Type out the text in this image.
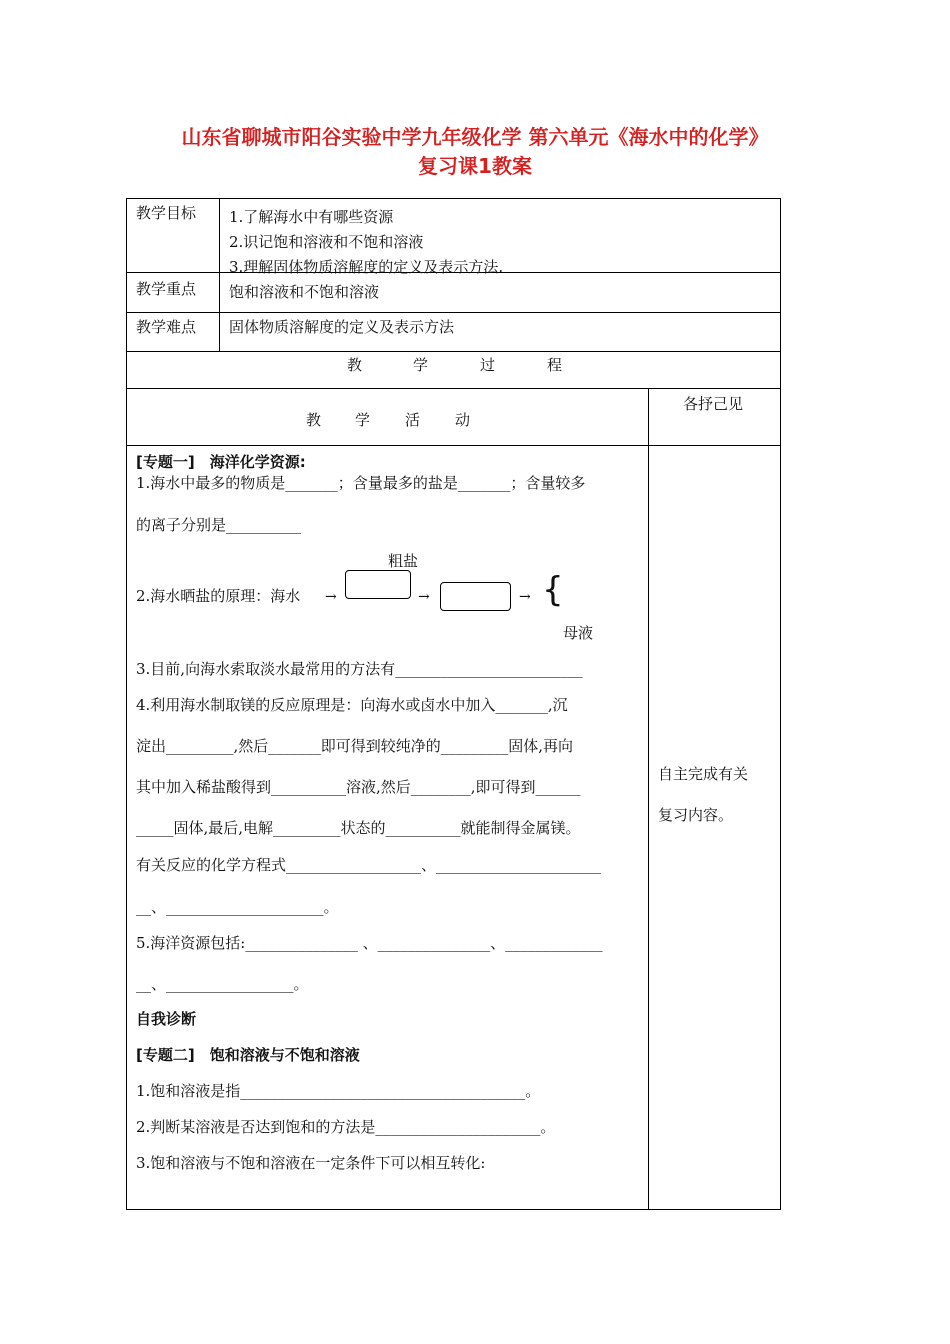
山东省聊城市阳谷实验中学九年级化学 第六单元《海水中的化学》
复习课1教案
教学目标 1.了解海水中有哪些资源
2.识记饱和溶液和不饱和溶液
3.理解固体物质溶解度的定义及表示方法.
教学重点 饱和溶液和不饱和溶液
教学难点 固体物质溶解度的定义及表示方法
教	学	过	程
教 学 活 动
各抒己见
自主完成有关
复习内容。
[专题一]　海洋化学资源:
1.海水中最多的物质是_______；含量最多的盐是_______；含量较多
的离子分别是__________
粗盐
2.海水晒盐的原理：海水 →	→	→ {
母液
3.目前,向海水索取淡水最常用的方法有_________________________
4.利用海水制取镁的反应原理是：向海水或卤水中加入_______,沉
淀出_________,然后_______即可得到较纯净的_________固体,再向
其中加入稀盐酸得到__________溶液,然后________,即可得到______
_____固体,最后,电解_________状态的__________就能制得金属镁。
有关反应的化学方程式__________________、______________________
__、_____________________。
5.海洋资源包括:_______________ 、_______________、_____________
__、_________________。
自我诊断
[专题二]　饱和溶液与不饱和溶液
1.饱和溶液是指______________________________________。
2.判断某溶液是否达到饱和的方法是______________________。
3.饱和溶液与不饱和溶液在一定条件下可以相互转化:
